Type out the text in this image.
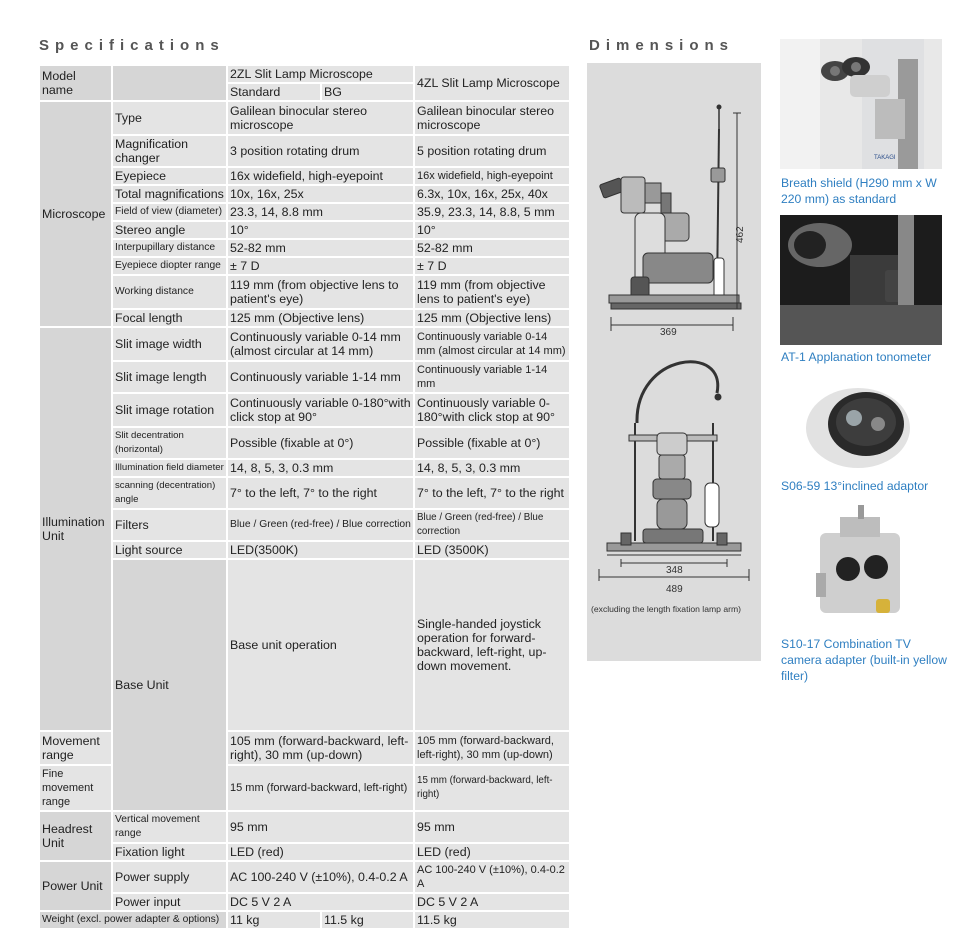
Specifications	Dimensions
Model name		2ZL Slit Lamp Microscope
Standard BG	4ZL Slit Lamp Microscope	
Microscope	Type	Galilean binocular stereo microscope	Galilean binocular stereo microscope	
	Magnification changer	3 position rotating drum	5 position rotating drum	
	Eyepiece	16x widefield, high-eyepoint	16x widefield, high-eyepoint	
	Total magnifications	10x, 16x, 25x	6.3x, 10x, 16x, 25x, 40x	
	Field of view (diameter)	23.3, 14, 8.8 mm	35.9, 23.3, 14, 8.8, 5 mm	
	Stereo angle	10°	10°	
	Interpupillary distance	52-82 mm	52-82 mm	
	Eyepiece diopter range	± 7 D	± 7 D	
	Working distance	119 mm (from objective lens to patient's eye)	119 mm (from objective lens to patient's eye)	
	Focal length	125 mm (Objective lens)	125 mm (Objective lens)	
Illumination Unit	Slit image width	Continuously variable 0-14 mm (almost circular at 14 mm)	Continuously variable 0-14 mm (almost circular at 14 mm)	
	Slit image length	Continuously variable 1-14 mm	Continuously variable 1-14 mm	
	Slit image rotation	Continuously variable 0-180°with click stop at 90°	Continuously variable 0-180°with click stop at 90°	
	Slit decentration (horizontal)	Possible (fixable at 0°)	Possible (fixable at 0°)	
	Illumination field diameter	14, 8, 5, 3, 0.3 mm	14, 8, 5, 3, 0.3 mm	
	scanning (decentration) angle	7° to the left, 7° to the right	7° to the left, 7° to the right	
	Filters	Blue / Green (red-free) / Blue correction	Blue / Green (red-free) / Blue correction	
	Light source	LED(3500K)	LED (3500K)	
	Base Unit	Base unit operation	Single-handed joystick operation for forward-backward, left-right, up-down movement.	
Movement range		105 mm (forward-backward, left-right), 30 mm (up-down)	105 mm (forward-backward, left-right), 30 mm (up-down)	
Fine movement range		15 mm (forward-backward, left-right)	15 mm (forward-backward, left-right)	
Headrest Unit	Vertical movement range	95 mm	95 mm	
	Fixation light	LED (red)	LED (red)	
Power Unit	Power supply	AC 100-240 V (±10%), 0.4-0.2 A	AC 100-240 V (±10%), 0.4-0.2 A	
	Power input	DC 5 V 2 A	DC 5 V 2 A	
Weight (excl. power adapter & options)		11 kg 11.5 kg	11.5 kg	
462
369
348
489
(excluding the length fixation lamp arm)
TAKAGI
Breath shield (H290 mm x W 220 mm) as standard
AT-1 Applanation tonometer
S06-59 13°inclined adaptor
S10-17 Combination TV camera adapter (built-in yellow filter)
